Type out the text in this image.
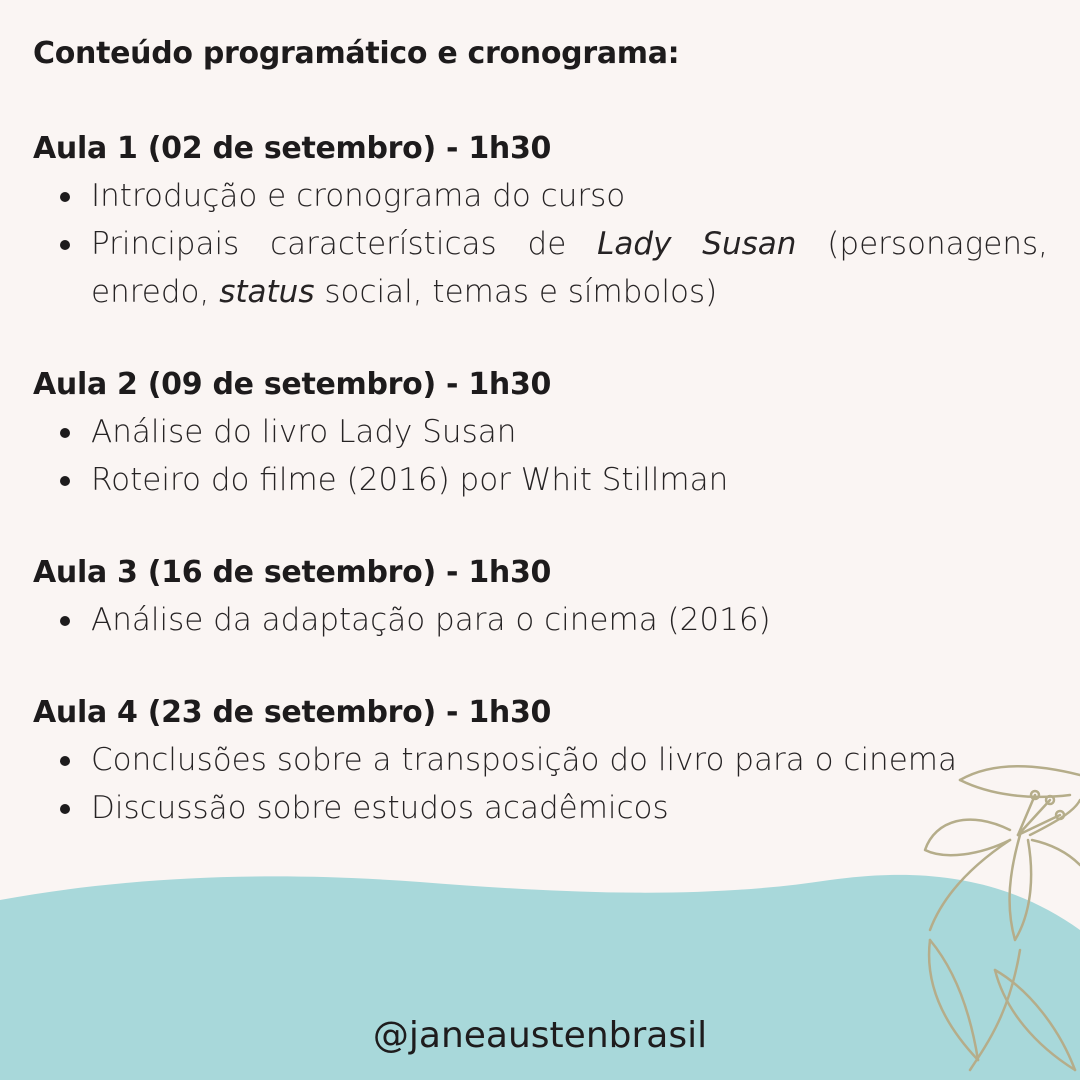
Conteúdo programático e cronograma:
Aula 1 (02 de setembro) - 1h30
Introdução e cronograma do curso
Principais características de Lady Susan (personagens, enredo, status social, temas e símbolos)
Aula 2 (09 de setembro) - 1h30
Análise do livro Lady Susan
Roteiro do filme (2016) por Whit Stillman
Aula 3 (16 de setembro) - 1h30
Análise da adaptação para o cinema (2016)
Aula 4 (23 de setembro) - 1h30
Conclusões sobre a transposição do livro para o cinema
Discussão sobre estudos acadêmicos
@janeaustenbrasil
